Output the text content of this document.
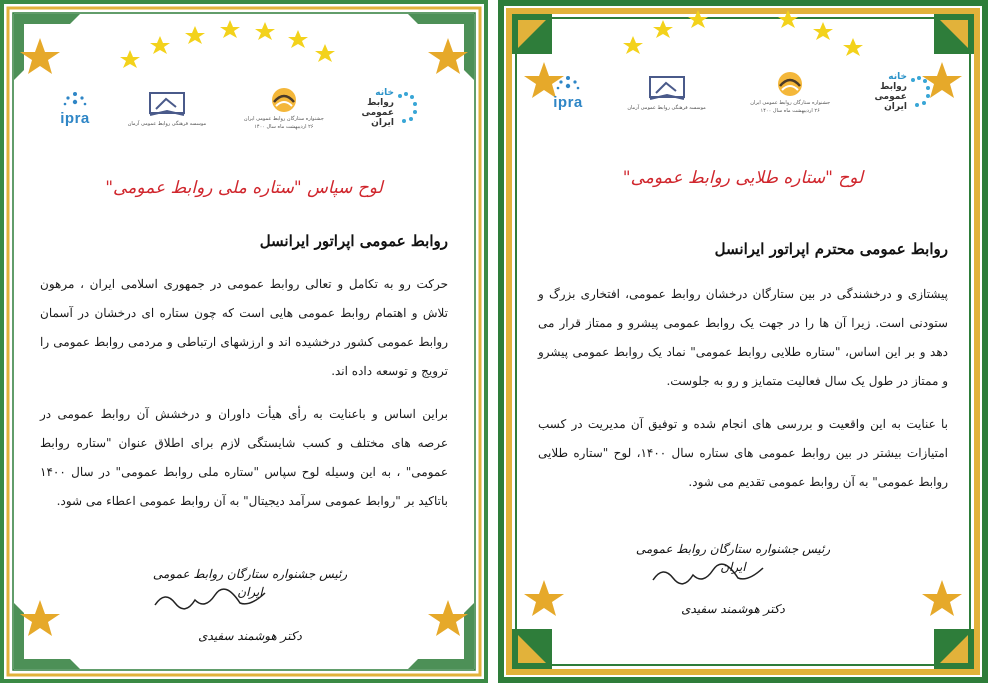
ipra	موسسه فرهنگی روابط عمومی آرمان
جشنواره ستارگان روابط عمومی ایران
۲۶ اردیبهشت ماه سال ۱۴۰۰
خانه
روابط
عمومی
ایران
لوح سپاس "ستاره ملی روابط عمومی"
روابط عمومی اپراتور ایرانسل

حرکت رو به تکامل و تعالی روابط عمومی در جمهوری اسلامی ایران ، مرهون تلاش و اهتمام روابط عمومی هایی است که چون ستاره ای درخشان در آسمان روابط عمومی کشور درخشیده اند و ارزشهای ارتباطی و مردمی روابط عمومی را ترویج و توسعه داده اند.

براین اساس و باعنایت به رأی هیأت داوران و درخشش آن روابط عمومی در عرصه های مختلف و کسب شایستگی لازم برای اطلاق عنوان "ستاره روابط عمومی" ، به این وسیله لوح سپاس "ستاره ملی روابط عمومی" در سال ۱۴۰۰ باتاکید بر "روابط عمومی سرآمد دیجیتال" به آن روابط عمومی اعطاء می شود.

رئیس جشنواره ستارگان روابط عمومی ایران
دکتر هوشمند سفیدی
ipra	موسسه فرهنگی روابط عمومی آرمان
جشنواره ستارگان روابط عمومی ایران
۲۶ اردیبهشت ماه سال ۱۴۰۰
خانه
روابط
عمومی
ایران
لوح "ستاره طلایی روابط عمومی"
روابط عمومی محترم اپراتور ایرانسل

پیشتازی و درخشندگی در بین ستارگان درخشان روابط عمومی، افتخاری بزرگ و ستودنی است. زیرا آن ها را در جهت یک روابط عمومی پیشرو و ممتاز قرار می دهد و بر این اساس، "ستاره طلایی روابط عمومی" نماد یک روابط عمومی پیشرو و ممتاز در طول یک سال فعالیت متمایز و رو به جلوست.

با عنایت به این واقعیت و بررسی های انجام شده و توفیق آن مدیریت در کسب امتیازات بیشتر در بین روابط عمومی های ستاره سال ۱۴۰۰، لوح "ستاره طلایی روابط عمومی" به آن روابط عمومی تقدیم می شود.

رئیس جشنواره ستارگان روابط عمومی ایران
دکتر هوشمند سفیدی
